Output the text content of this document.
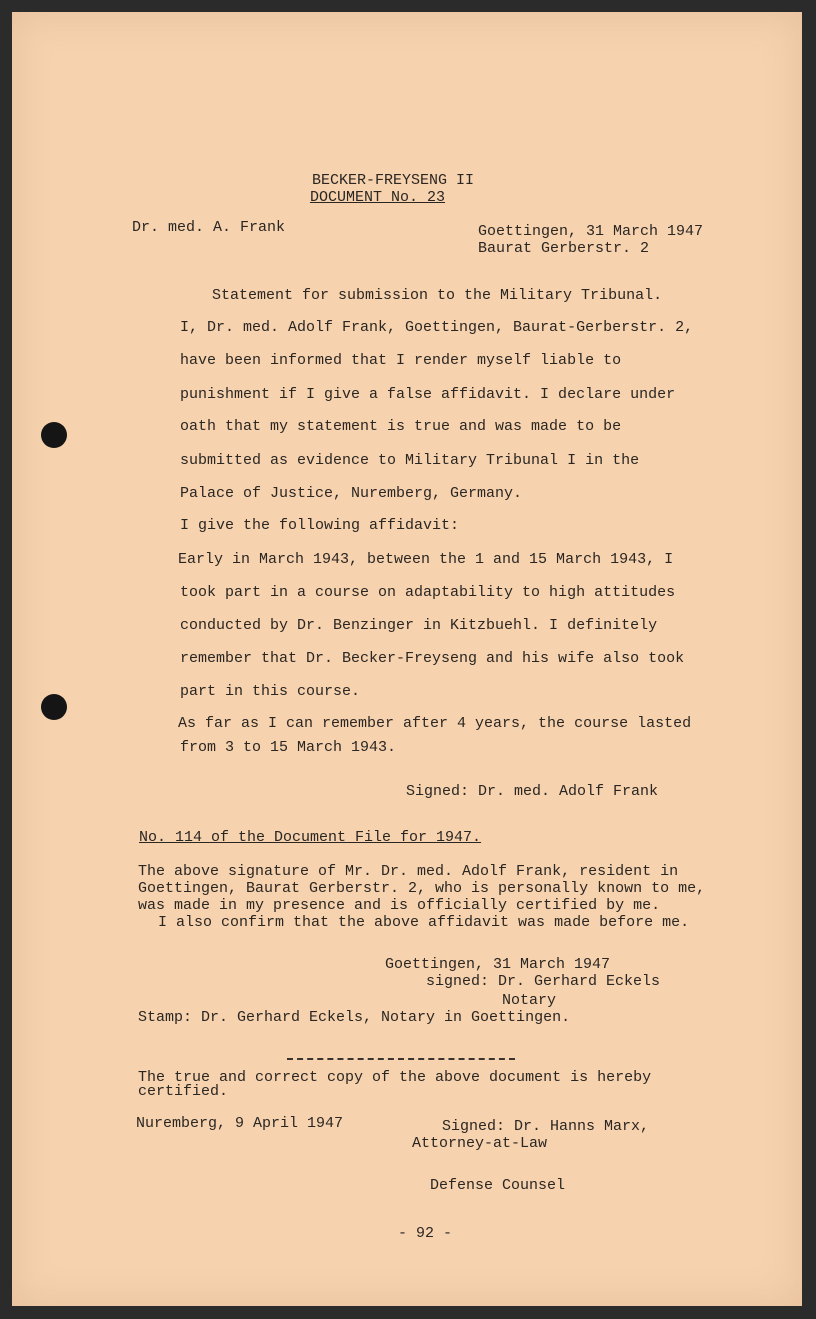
BECKER-FREYSENG II
DOCUMENT No. 23
Dr. med. A. Frank	Goettingen, 31 March 1947
Baurat Gerberstr. 2
Statement for submission to the Military Tribunal.
I, Dr. med. Adolf Frank, Goettingen, Baurat-Gerberstr. 2,
have been informed that I render myself liable to
punishment if I give a false affidavit. I declare under
oath that my statement is true and was made to be
submitted as evidence to Military Tribunal I in the
Palace of Justice, Nuremberg, Germany.
I give the following affidavit:
Early in March 1943, between the 1 and 15 March 1943, I
took part in a course on adaptability to high attitudes
conducted by Dr. Benzinger in Kitzbuehl. I definitely
remember that Dr. Becker-Freyseng and his wife also took
part in this course.
As far as I can remember after 4 years, the course lasted
from 3 to 15 March 1943.
Signed: Dr. med. Adolf Frank
No. 114 of the Document File for 1947.
The above signature of Mr. Dr. med. Adolf Frank, resident in
Goettingen, Baurat Gerberstr. 2, who is personally known to me,
was made in my presence and is officially certified by me.
I also confirm that the above affidavit was made before me.
Goettingen, 31 March 1947
signed: Dr. Gerhard Eckels
Notary
Stamp: Dr. Gerhard Eckels, Notary in Goettingen.
The true and correct copy of the above document is hereby
certified.
Nuremberg, 9 April 1947	Signed: Dr. Hanns Marx,
Attorney-at-Law
Defense Counsel
- 92 -
